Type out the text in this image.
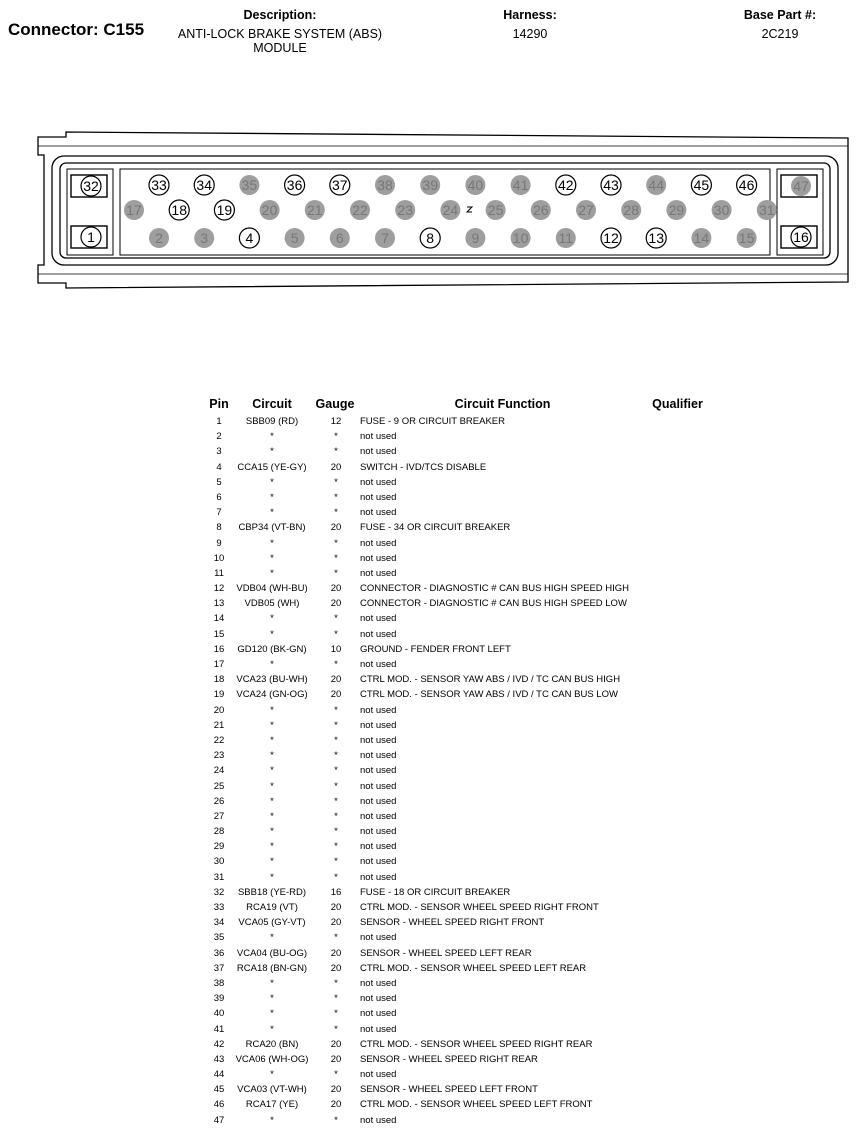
Connector: C155
Description:
ANTI-LOCK BRAKE SYSTEM (ABS)
MODULE
Harness:
14290
Base Part #:
2C219
32
1
47
16
33 34 35 36 37 38 39 40 41 42 43 44 45 46
17 18 19 20 21 22 23 24 25 26 27 28 29 30 31
2	3	4	5	6	7	8	9 10 11 12 13 14 15
Pin	Circuit	Gauge	Circuit Function	Qualifier
1	SBB09 (RD)	12	FUSE - 9 OR CIRCUIT BREAKER
2	*	*	not used
3	*	*	not used
4	CCA15 (YE-GY)	20	SWITCH - IVD/TCS DISABLE
5	*	*	not used
6	*	*	not used
7	*	*	not used
8	CBP34 (VT-BN)	20	FUSE - 34 OR CIRCUIT BREAKER
9	*	*	not used
10	*	*	not used
11	*	*	not used
12	VDB04 (WH-BU)	20	CONNECTOR - DIAGNOSTIC # CAN BUS HIGH SPEED HIGH
13	VDB05 (WH)	20	CONNECTOR - DIAGNOSTIC # CAN BUS HIGH SPEED LOW
14	*	*	not used
15	*	*	not used
16	GD120 (BK-GN)	10	GROUND - FENDER FRONT LEFT
17	*	*	not used
18	VCA23 (BU-WH)	20	CTRL MOD. - SENSOR YAW ABS / IVD / TC CAN BUS HIGH
19	VCA24 (GN-OG)	20	CTRL MOD. - SENSOR YAW ABS / IVD / TC CAN BUS LOW
20	*	*	not used
21	*	*	not used
22	*	*	not used
23	*	*	not used
24	*	*	not used
25	*	*	not used
26	*	*	not used
27	*	*	not used
28	*	*	not used
29	*	*	not used
30	*	*	not used
31	*	*	not used
32	SBB18 (YE-RD)	16	FUSE - 18 OR CIRCUIT BREAKER
33	RCA19 (VT)	20	CTRL MOD. - SENSOR WHEEL SPEED RIGHT FRONT
34	VCA05 (GY-VT)	20	SENSOR - WHEEL SPEED RIGHT FRONT
35	*	*	not used
36	VCA04 (BU-OG)	20	SENSOR - WHEEL SPEED LEFT REAR
37	RCA18 (BN-GN)	20	CTRL MOD. - SENSOR WHEEL SPEED LEFT REAR
38	*	*	not used
39	*	*	not used
40	*	*	not used
41	*	*	not used
42	RCA20 (BN)	20	CTRL MOD. - SENSOR WHEEL SPEED RIGHT REAR
43	VCA06 (WH-OG)	20	SENSOR - WHEEL SPEED RIGHT REAR
44	*	*	not used
45	VCA03 (VT-WH)	20	SENSOR - WHEEL SPEED LEFT FRONT
46	RCA17 (YE)	20	CTRL MOD. - SENSOR WHEEL SPEED LEFT FRONT
47	*	*	not used
